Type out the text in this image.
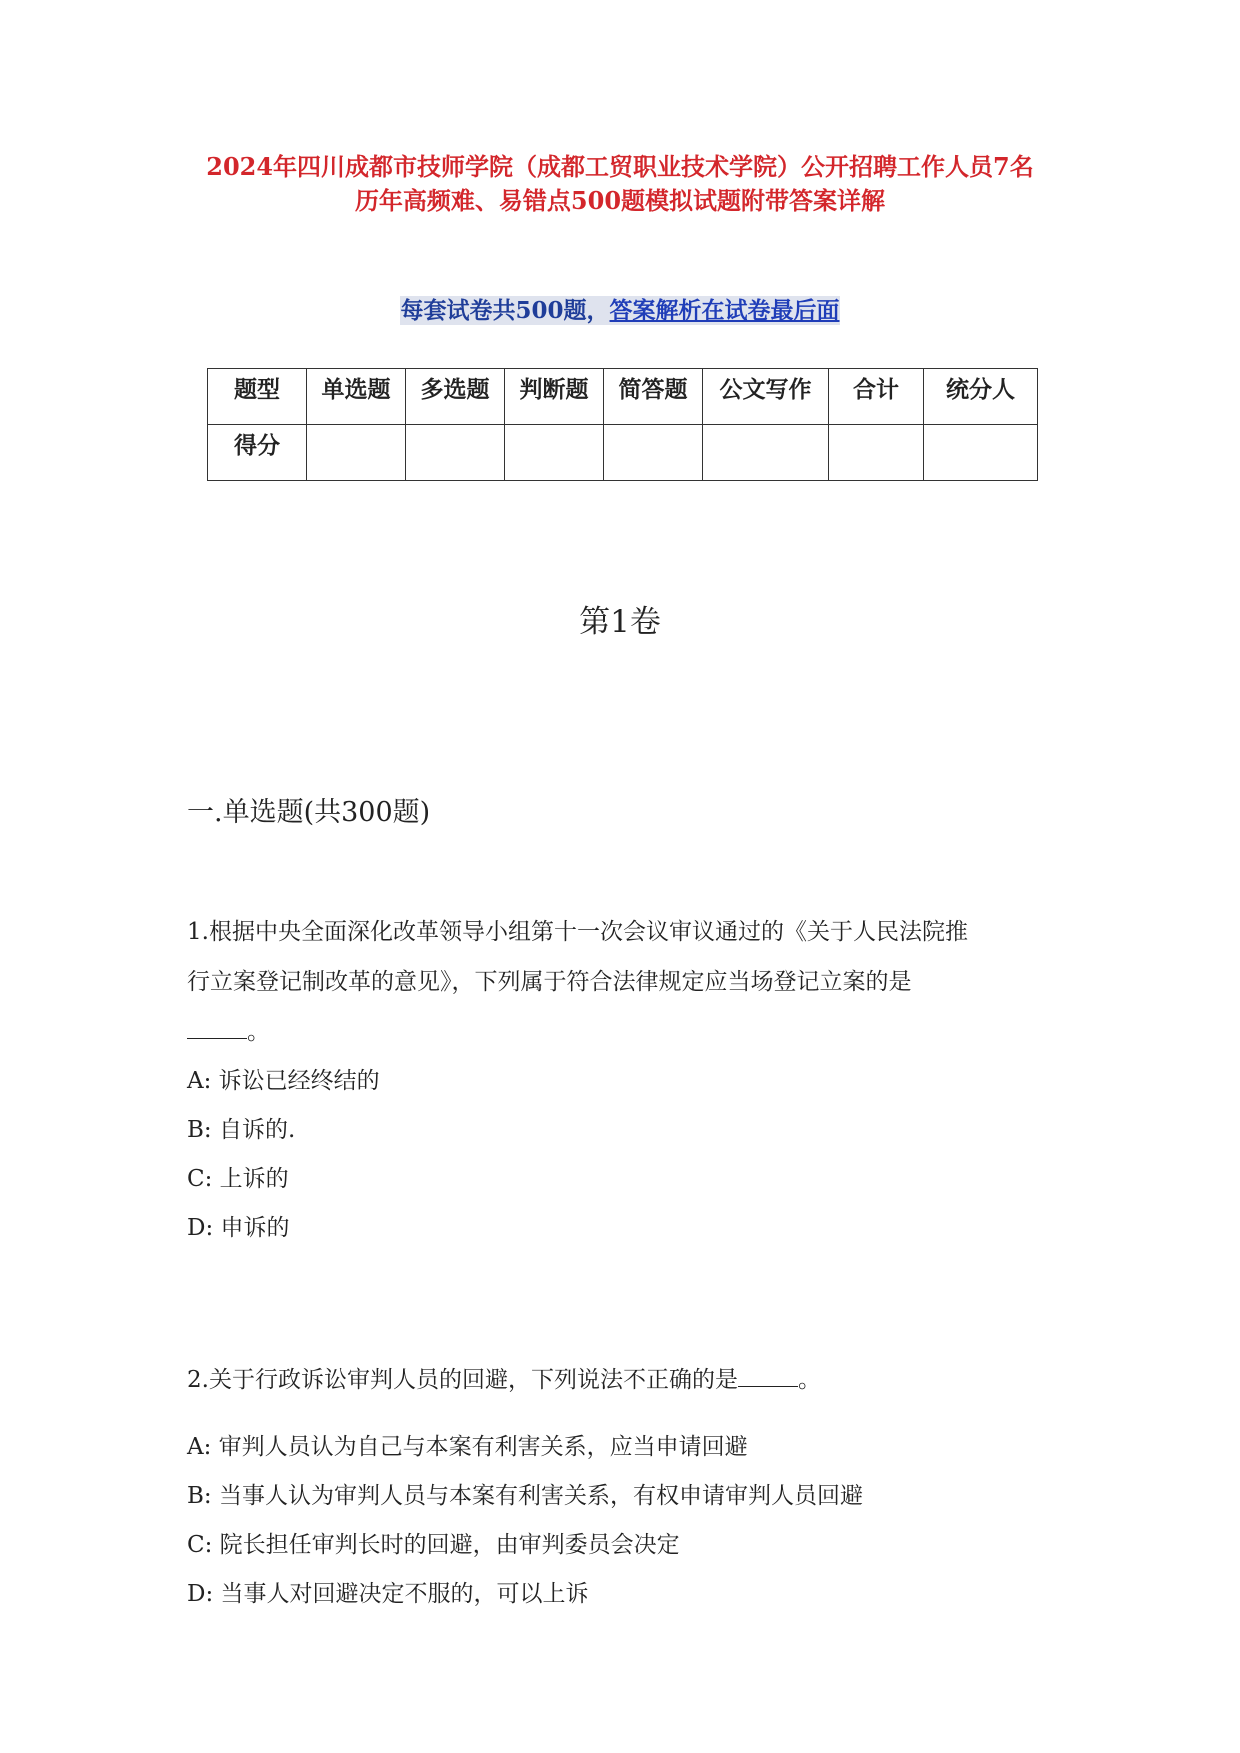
2024年四川成都市技师学院（成都工贸职业技术学院）公开招聘工作人员7名
历年高频难、易错点500题模拟试题附带答案详解
每套试卷共500题，答案解析在试卷最后面
题型	单选题	多选题	判断题	简答题	公文写作	合计	统分人
得分							
第1卷
一.单选题(共300题)
1.根据中央全面深化改革领导小组第十一次会议审议通过的《关于人民法院推
行立案登记制改革的意见》，下列属于符合法律规定应当场登记立案的是
。
A: 诉讼已经终结的
B: 自诉的.
C: 上诉的
D: 申诉的
2.关于行政诉讼审判人员的回避，下列说法不正确的是	。
A: 审判人员认为自己与本案有利害关系，应当申请回避
B: 当事人认为审判人员与本案有利害关系，有权申请审判人员回避
C: 院长担任审判长时的回避，由审判委员会决定
D: 当事人对回避决定不服的，可以上诉
